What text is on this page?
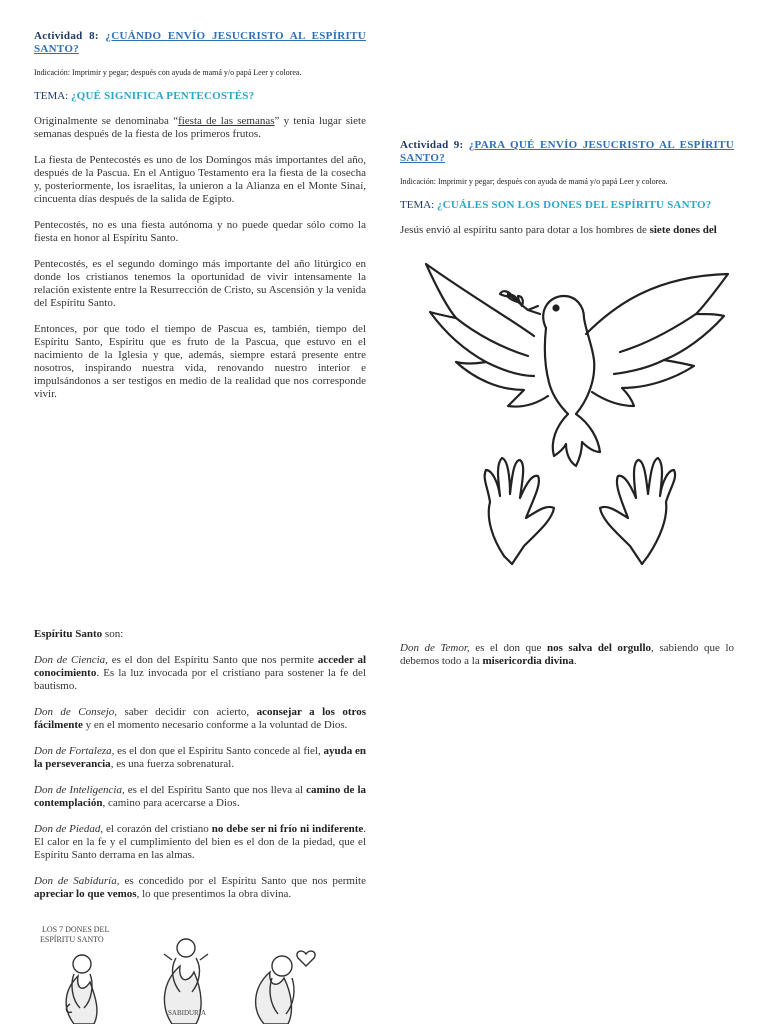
Actividad 8: ¿CUÁNDO ENVÍO JESUCRISTO AL ESPÍRITU SANTO?

Indicación: Imprimir y pegar; después con ayuda de mamá y/o papá Leer y colorea.

TEMA: ¿QUÉ SIGNIFICA PENTECOSTÉS?

Originalmente se denominaba “fiesta de las semanas” y tenía lugar siete semanas después de la fiesta de los primeros frutos.

La fiesta de Pentecostés es uno de los Domingos más importantes del año, después de la Pascua. En el Antiguo Testamento era la fiesta de la cosecha y, posteriormente, los israelitas, la unieron a la Alianza en el Monte Sinaí, cincuenta días después de la salida de Egipto.

Pentecostés, no es una fiesta autónoma y no puede quedar sólo como la fiesta en honor al Espíritu Santo.

Pentecostés, es el segundo domingo más importante del año litúrgico en donde los cristianos tenemos la oportunidad de vivir intensamente la relación existente entre la Resurrección de Cristo, su Ascensión y la venida del Espíritu Santo.

Entonces, por que todo el tiempo de Pascua es, también, tiempo del Espíritu Santo, Espíritu que es fruto de la Pascua, que estuvo en el nacimiento de la Iglesia y que, además, siempre estará presente entre nosotros, inspirando nuestra vida, renovando nuestro interior e impulsándonos a ser testigos en medio de la realidad que nos corresponde vivir.

Actividad 9: ¿PARA QUÉ ENVÍO JESUCRISTO AL ESPÍRITU SANTO?

Indicación: Imprimir y pegar; después con ayuda de mamá y/o papá Leer y colorea.

TEMA: ¿CUÁLES SON LOS DONES DEL ESPÍRITU SANTO?

Jesús envió al espíritu santo para dotar a los hombres de siete dones del

Espíritu Santo son:

Don de Ciencia, es el don del Espíritu Santo que nos permite acceder al conocimiento. Es la luz invocada por el cristiano para sostener la fe del bautismo.

Don de Consejo, saber decidir con acierto, aconsejar a los otros fácilmente y en el momento necesario conforme a la voluntad de Dios.

Don de Fortaleza, es el don que el Espíritu Santo concede al fiel, ayuda en la perseverancia, es una fuerza sobrenatural.

Don de Inteligencia, es el del Espíritu Santo que nos lleva al camino de la contemplación, camino para acercarse a Dios.

Don de Piedad, el corazón del cristiano no debe ser ni frío ni indiferente. El calor en la fe y el cumplimiento del bien es el don de la piedad, que el Espíritu Santo derrama en las almas.

Don de Sabiduría, es concedido por el Espíritu Santo que nos permite apreciar lo que vemos, lo que presentimos la obra divina.

Don de Temor, es el don que nos salva del orgullo, sabiendo que lo debemos todo a la misericordia divina.

LOS 7 DONES DEL
ESPÍRITU SANTO
SABIDURÍA
